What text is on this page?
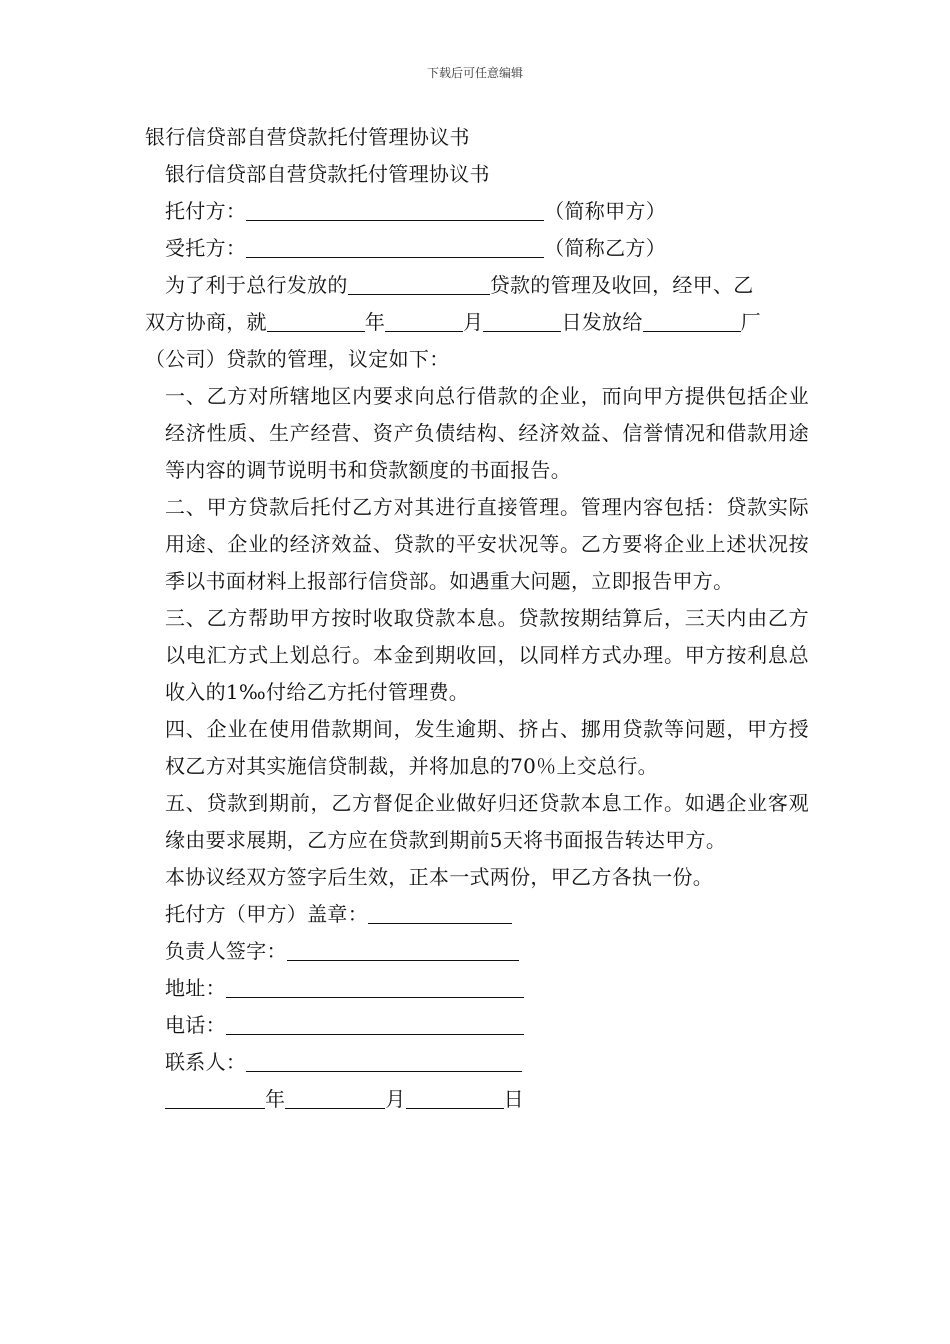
下载后可任意编辑

银行信贷部自营贷款托付管理协议书

银行信贷部自营贷款托付管理协议书

托付方：	（简称甲方）

受托方：	（简称乙方）

为了利于总行发放的	贷款的管理及收回，经甲、乙

双方协商，就	年	月	日发放给	厂

（公司）贷款的管理，议定如下：

一、乙方对所辖地区内要求向总行借款的企业，而向甲方提供包括企业经济性质、生产经营、资产负债结构、经济效益、信誉情况和借款用途等内容的调节说明书和贷款额度的书面报告。

二、甲方贷款后托付乙方对其进行直接管理。管理内容包括：贷款实际用途、企业的经济效益、贷款的平安状况等。乙方要将企业上述状况按季以书面材料上报部行信贷部。如遇重大问题，立即报告甲方。

三、乙方帮助甲方按时收取贷款本息。贷款按期结算后，三天内由乙方以电汇方式上划总行。本金到期收回，以同样方式办理。甲方按利息总收入的1‰付给乙方托付管理费。

四、企业在使用借款期间，发生逾期、挤占、挪用贷款等问题，甲方授权乙方对其实施信贷制裁，并将加息的70％上交总行。

五、贷款到期前，乙方督促企业做好归还贷款本息工作。如遇企业客观缘由要求展期，乙方应在贷款到期前5天将书面报告转达甲方。

本协议经双方签字后生效，正本一式两份，甲乙方各执一份。

托付方（甲方）盖章：

负责人签字：

地址：

电话：

联系人：

年	月	日
